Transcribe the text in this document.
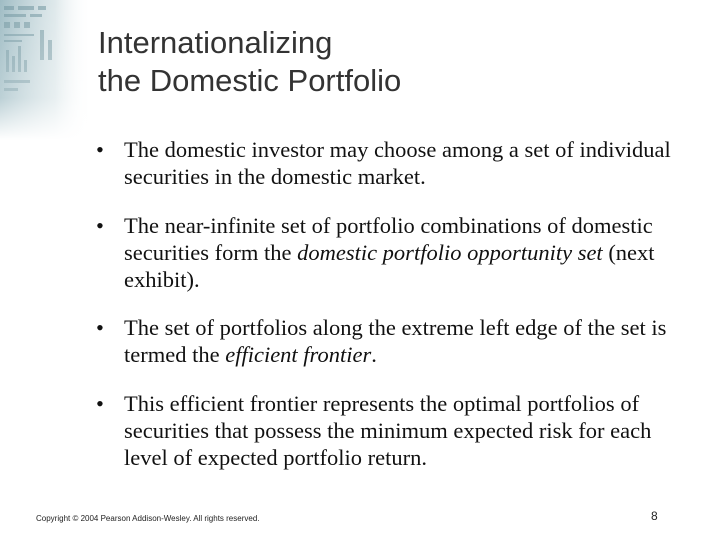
Internationalizing
the Domestic Portfolio
• The domestic investor may choose among a set of individual securities in the domestic market.
• The near-infinite set of portfolio combinations of domestic securities form the domestic portfolio opportunity set (next exhibit).
• The set of portfolios along the extreme left edge of the set is termed the efficient frontier.
• This efficient frontier represents the optimal portfolios of securities that possess the minimum expected risk for each level of expected portfolio return.
Copyright © 2004 Pearson Addison-Wesley. All rights reserved.	8
